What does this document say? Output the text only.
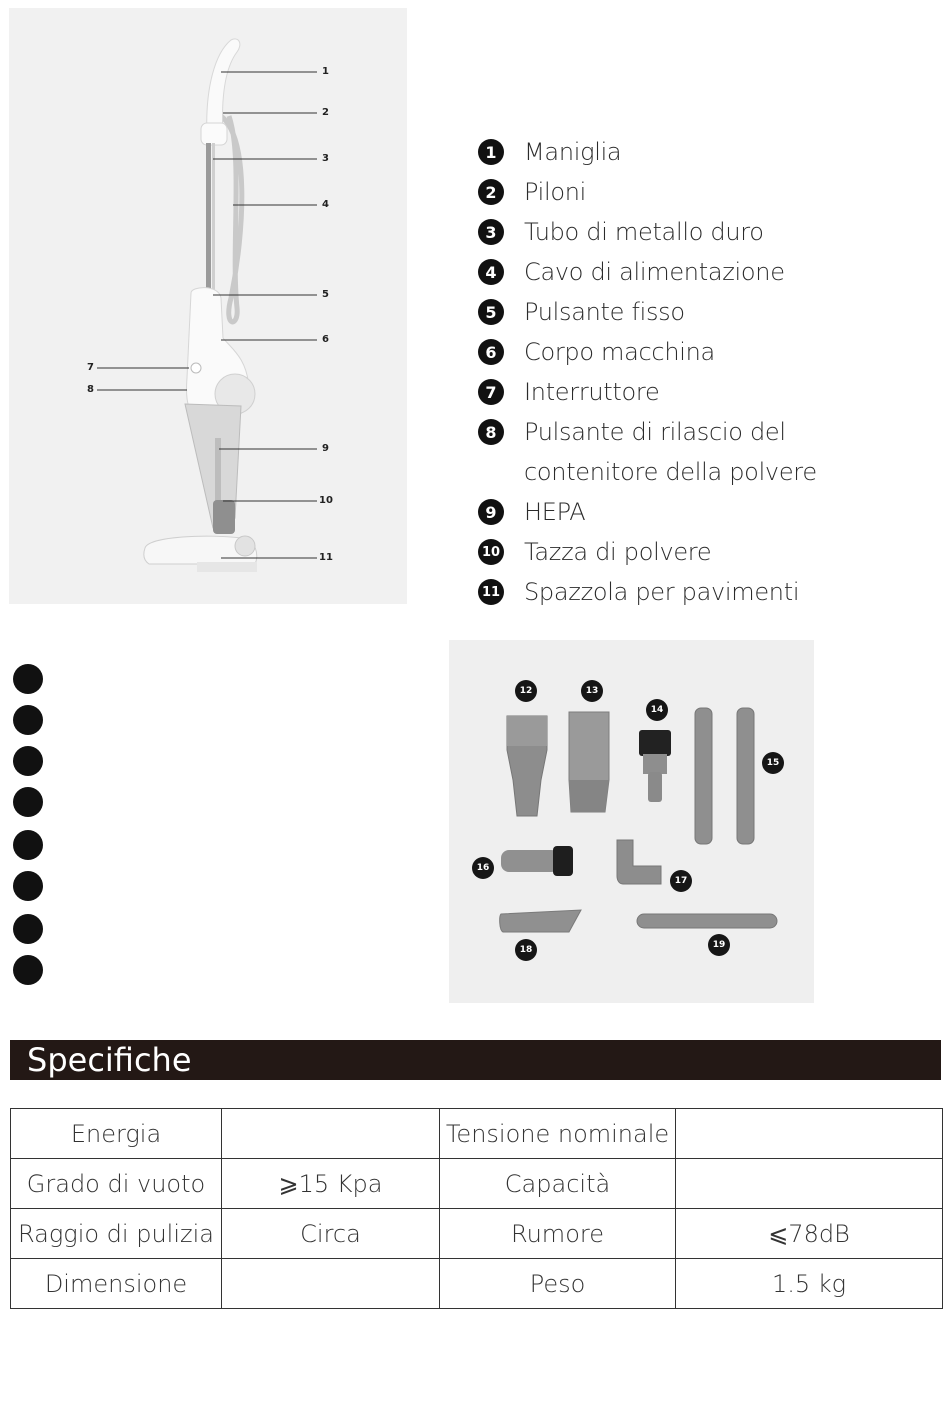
1
2
3
4
5
6
7
8
9
10
11
1	Maniglia
2	Piloni
3	Tubo di metallo duro
4	Cavo di alimentazione
5	Pulsante fisso
6	Corpo macchina
7	Interruttore
8	Pulsante di rilascio del
contenitore della polvere
9	HEPA
10 Tazza di polvere
11 Spazzola per pavimenti
12	13
14
15
16
17
18	19
Specifiche
Energia		Tensione nominale	
Grado di vuoto	⩾15 Kpa	Capacità	
Raggio di pulizia	Circa	Rumore	⩽78dB
Dimensione		Peso	1.5 kg
